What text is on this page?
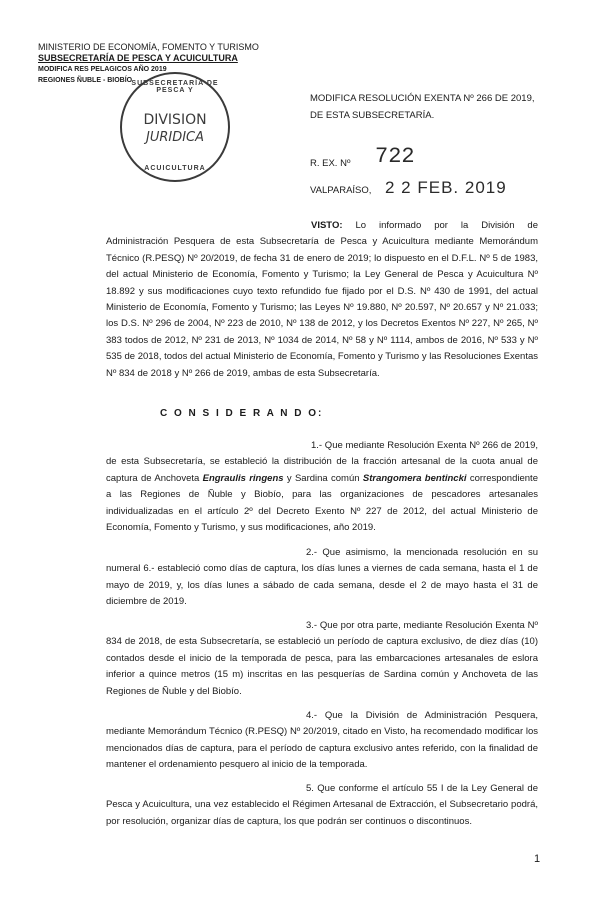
MINISTERIO DE ECONOMÍA, FOMENTO Y TURISMO
SUBSECRETARÍA DE PESCA Y ACUICULTURA
MODIFICA RES PELAGICOS AÑO 2019
REGIONES ÑUBLE - BIOBÍO SUBSECRETARÍA DE PESCA Y
DIVISION
JURIDICA
ACUICULTURA
MODIFICA RESOLUCIÓN EXENTA Nº 266 DE 2019, DE ESTA SUBSECRETARÍA.
R. EX. Nº 722
VALPARAÍSO, 2 2 FEB. 2019

VISTO: Lo informado por la División de Administración Pesquera de esta Subsecretaría de Pesca y Acuicultura mediante Memorándum Técnico (R.PESQ) Nº 20/2019, de fecha 31 de enero de 2019; lo dispuesto en el D.F.L. Nº 5 de 1983, del actual Ministerio de Economía, Fomento y Turismo; la Ley General de Pesca y Acuicultura Nº 18.892 y sus modificaciones cuyo texto refundido fue fijado por el D.S. Nº 430 de 1991, del actual Ministerio de Economía, Fomento y Turismo; las Leyes Nº 19.880, Nº 20.597, Nº 20.657 y Nº 21.033; los D.S. Nº 296 de 2004, Nº 223 de 2010, Nº 138 de 2012, y los Decretos Exentos Nº 227, Nº 265, Nº 383 todos de 2012, Nº 231 de 2013, Nº 1034 de 2014, Nº 58 y Nº 1114, ambos de 2016, Nº 533 y Nº 535 de 2018, todos del actual Ministerio de Economía, Fomento y Turismo y las Resoluciones Exentas Nº 834 de 2018 y Nº 266 de 2019, ambas de esta Subsecretaría.

C O N S I D E R A N D O:

1.- Que mediante Resolución Exenta Nº 266 de 2019, de esta Subsecretaría, se estableció la distribución de la fracción artesanal de la cuota anual de captura de Anchoveta Engraulis ringens y Sardina común Strangomera bentincki correspondiente a las Regiones de Ñuble y Biobío, para las organizaciones de pescadores artesanales individualizadas en el artículo 2º del Decreto Exento Nº 227 de 2012, del actual Ministerio de Economía, Fomento y Turismo, y sus modificaciones, año 2019.

2.- Que asimismo, la mencionada resolución en su numeral 6.- estableció como días de captura, los días lunes a viernes de cada semana, hasta el 1 de mayo de 2019, y, los días lunes a sábado de cada semana, desde el 2 de mayo hasta el 31 de diciembre de 2019.

3.- Que por otra parte, mediante Resolución Exenta Nº 834 de 2018, de esta Subsecretaría, se estableció un período de captura exclusivo, de diez días (10) contados desde el inicio de la temporada de pesca, para las embarcaciones artesanales de eslora inferior a quince metros (15 m) inscritas en las pesquerías de Sardina común y Anchoveta de las Regiones de Ñuble y del Biobío.

4.- Que la División de Administración Pesquera, mediante Memorándum Técnico (R.PESQ) Nº 20/2019, citado en Visto, ha recomendado modificar los mencionados días de captura, para el período de captura exclusivo antes referido, con la finalidad de mantener el ordenamiento pesquero al inicio de la temporada.

5. Que conforme el artículo 55 I de la Ley General de Pesca y Acuicultura, una vez establecido el Régimen Artesanal de Extracción, el Subsecretario podrá, por resolución, organizar días de captura, los que podrán ser continuos o discontinuos.

1
